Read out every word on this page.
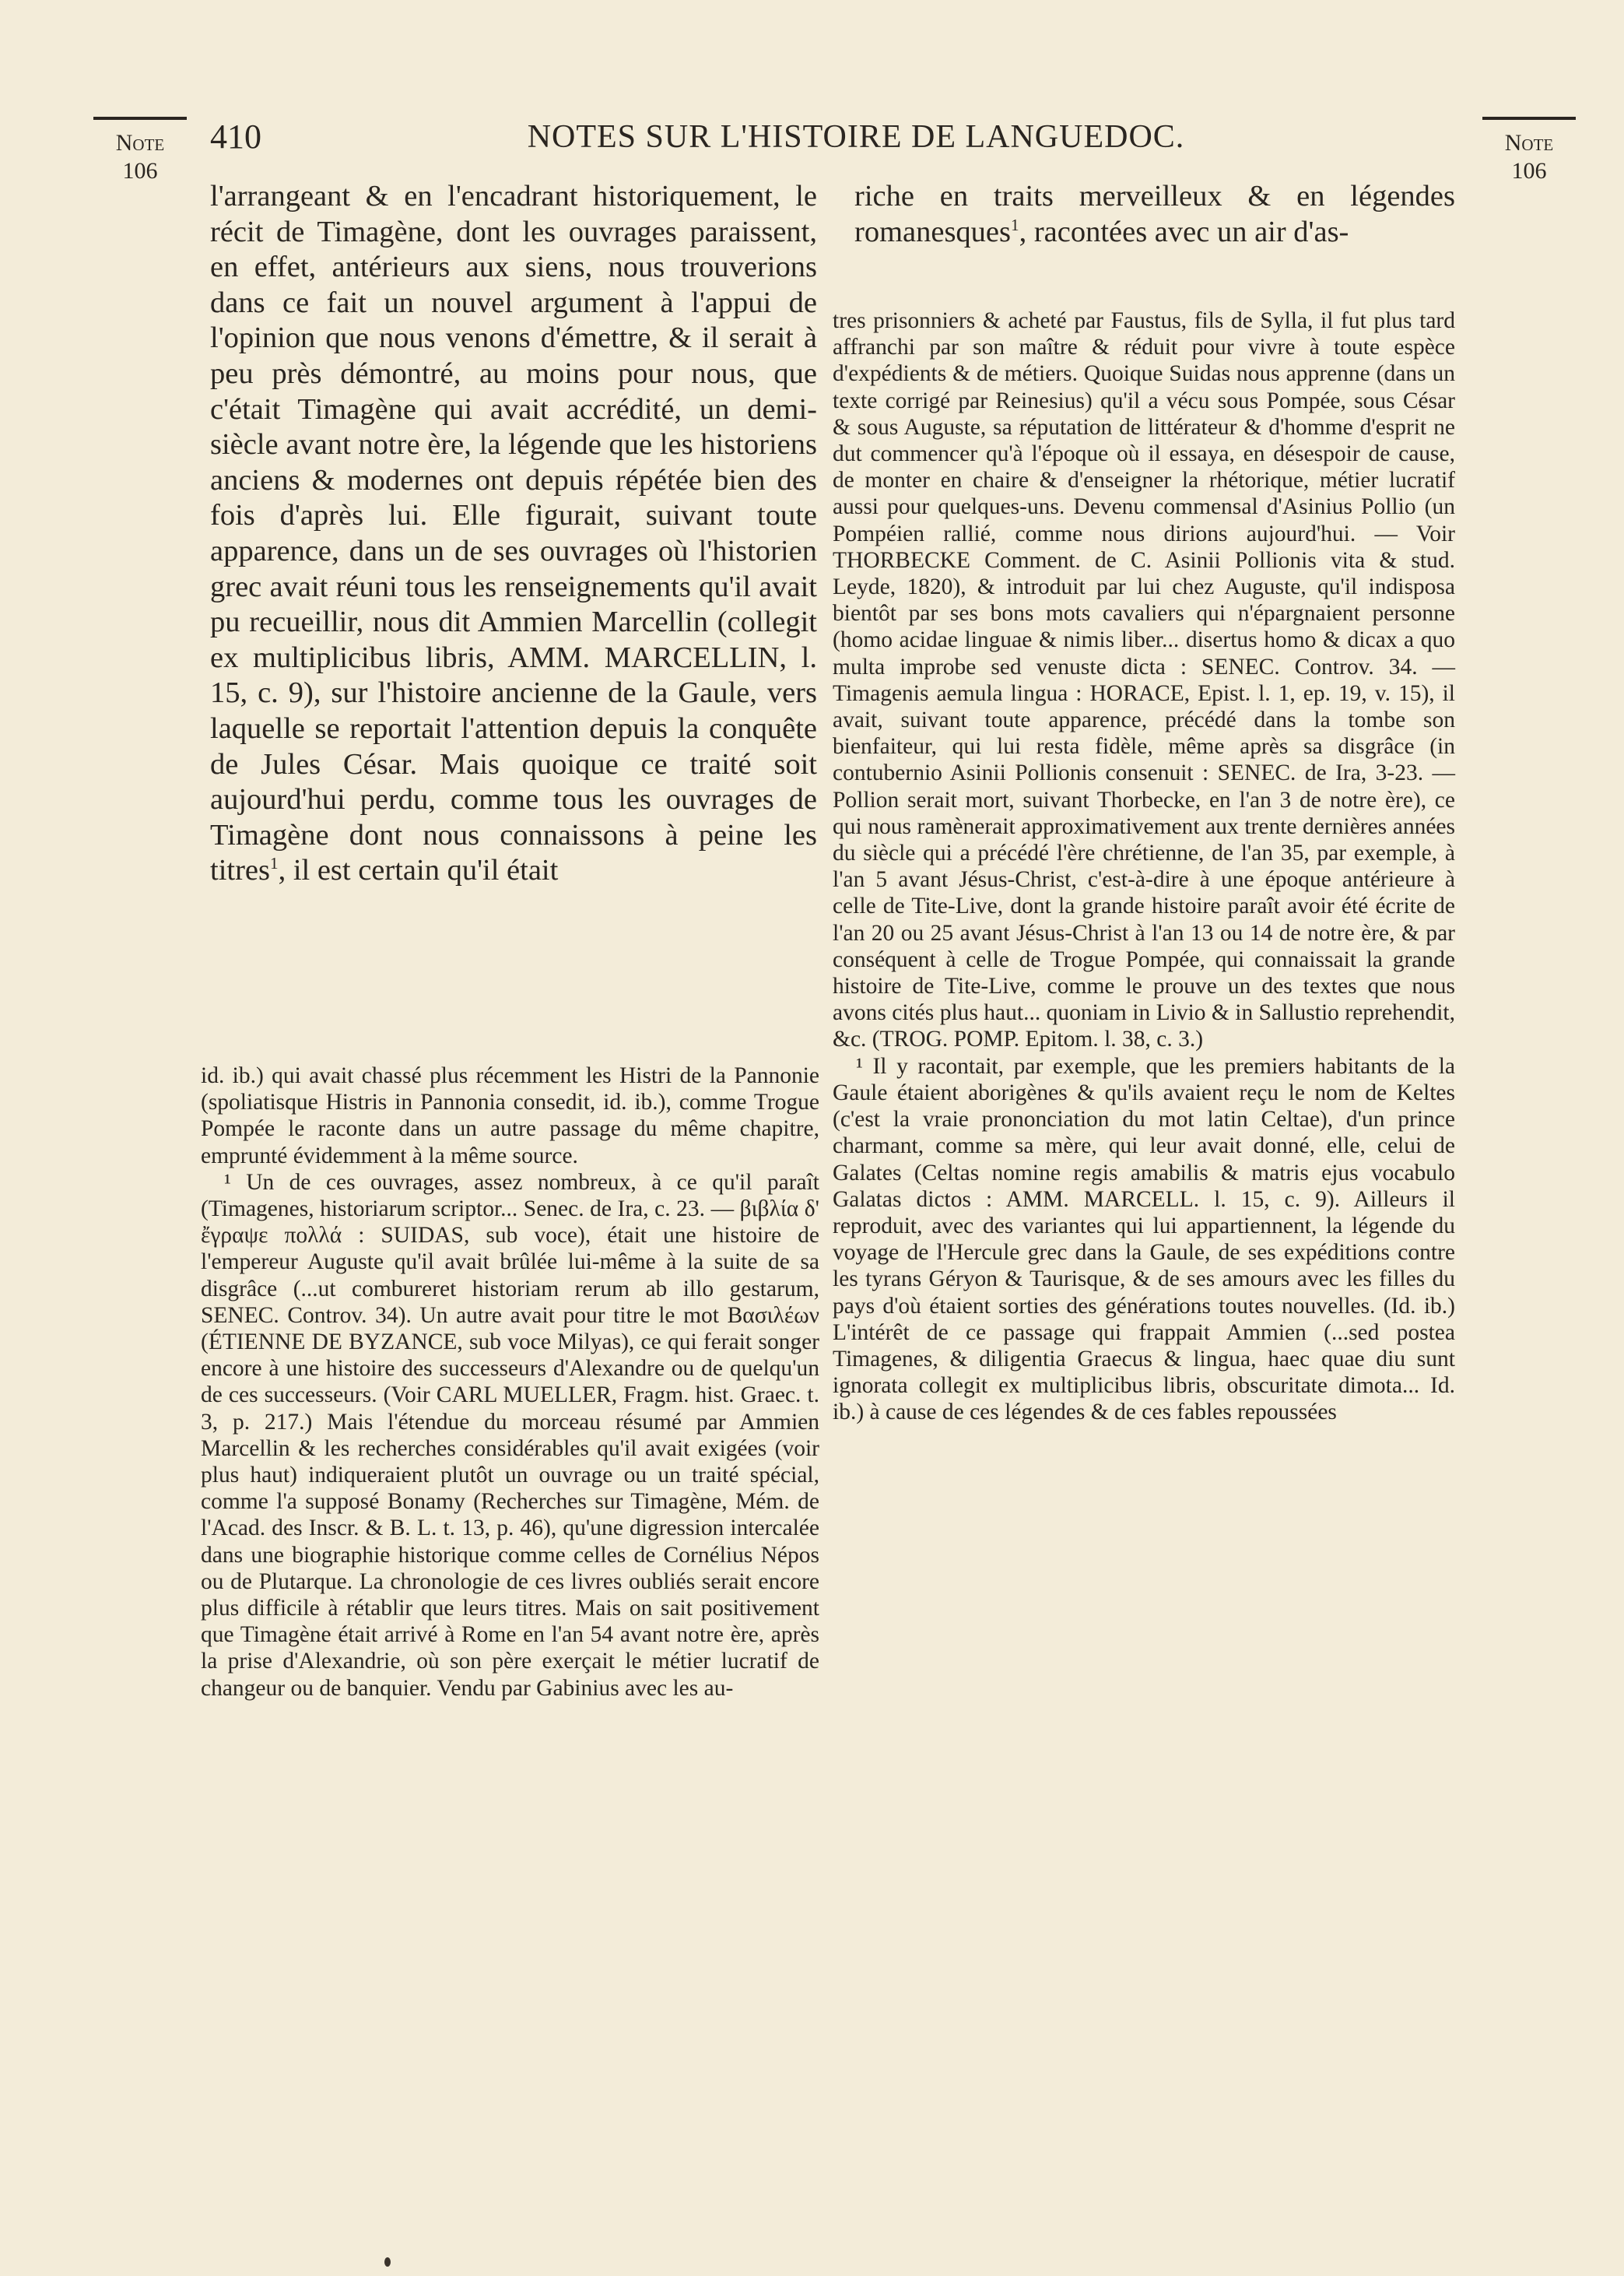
Note
106
410	NOTES SUR L'HISTOIRE DE LANGUEDOC.	Note
106

l'arrangeant & en l'encadrant historiquement, le récit de Timagène, dont les ouvrages paraissent, en effet, antérieurs aux siens, nous trouverions dans ce fait un nouvel argument à l'appui de l'opinion que nous venons d'émettre, & il serait à peu près démontré, au moins pour nous, que c'était Timagène qui avait accrédité, un demi-siècle avant notre ère, la légende que les historiens anciens & modernes ont depuis répétée bien des fois d'après lui. Elle figurait, suivant toute apparence, dans un de ses ouvrages où l'historien grec avait réuni tous les renseignements qu'il avait pu recueillir, nous dit Ammien Marcellin (collegit ex multiplicibus libris, AMM. MARCELLIN, l. 15, c. 9), sur l'histoire ancienne de la Gaule, vers laquelle se reportait l'attention depuis la conquête de Jules César. Mais quoique ce traité soit aujourd'hui perdu, comme tous les ouvrages de Timagène dont nous connaissons à peine les titres$^1$, il est certain qu'il était

riche en traits merveilleux & en légendes romanesques$^1$, racontées avec un air d'as-

id. ib.) qui avait chassé plus récemment les Histri de la Pannonie (spoliatisque Histris in Pannonia consedit, id. ib.), comme Trogue Pompée le raconte dans un autre passage du même chapitre, emprunté évidemment à la même source.

¹ Un de ces ouvrages, assez nombreux, à ce qu'il paraît (Timagenes, historiarum scriptor... Senec. de Ira, c. 23. — βιβλία δ' ἔγραψε πολλά : SUIDAS, sub voce), était une histoire de l'empereur Auguste qu'il avait brûlée lui-même à la suite de sa disgrâce (...ut combureret historiam rerum ab illo gestarum, SENEC. Controv. 34). Un autre avait pour titre le mot Βασιλέων (ÉTIENNE DE BYZANCE, sub voce Milyas), ce qui ferait songer encore à une histoire des successeurs d'Alexandre ou de quelqu'un de ces successeurs. (Voir CARL MUELLER, Fragm. hist. Graec. t. 3, p. 217.) Mais l'étendue du morceau résumé par Ammien Marcellin & les recherches considérables qu'il avait exigées (voir plus haut) indiqueraient plutôt un ouvrage ou un traité spécial, comme l'a supposé Bonamy (Recherches sur Timagène, Mém. de l'Acad. des Inscr. & B. L. t. 13, p. 46), qu'une digression intercalée dans une biographie historique comme celles de Cornélius Népos ou de Plutarque. La chronologie de ces livres oubliés serait encore plus difficile à rétablir que leurs titres. Mais on sait positivement que Timagène était arrivé à Rome en l'an 54 avant notre ère, après la prise d'Alexandrie, où son père exerçait le métier lucratif de changeur ou de banquier. Vendu par Gabinius avec les au-

tres prisonniers & acheté par Faustus, fils de Sylla, il fut plus tard affranchi par son maître & réduit pour vivre à toute espèce d'expédients & de métiers. Quoique Suidas nous apprenne (dans un texte corrigé par Reinesius) qu'il a vécu sous Pompée, sous César & sous Auguste, sa réputation de littérateur & d'homme d'esprit ne dut commencer qu'à l'époque où il essaya, en désespoir de cause, de monter en chaire & d'enseigner la rhétorique, métier lucratif aussi pour quelques-uns. Devenu commensal d'Asinius Pollio (un Pompéien rallié, comme nous dirions aujourd'hui. — Voir THORBECKE Comment. de C. Asinii Pollionis vita & stud. Leyde, 1820), & introduit par lui chez Auguste, qu'il indisposa bientôt par ses bons mots cavaliers qui n'épargnaient personne (homo acidae linguae & nimis liber... disertus homo & dicax a quo multa improbe sed venuste dicta : SENEC. Controv. 34. — Timagenis aemula lingua : HORACE, Epist. l. 1, ep. 19, v. 15), il avait, suivant toute apparence, précédé dans la tombe son bienfaiteur, qui lui resta fidèle, même après sa disgrâce (in contubernio Asinii Pollionis consenuit : SENEC. de Ira, 3-23. — Pollion serait mort, suivant Thorbecke, en l'an 3 de notre ère), ce qui nous ramènerait approximativement aux trente dernières années du siècle qui a précédé l'ère chrétienne, de l'an 35, par exemple, à l'an 5 avant Jésus-Christ, c'est-à-dire à une époque antérieure à celle de Tite-Live, dont la grande histoire paraît avoir été écrite de l'an 20 ou 25 avant Jésus-Christ à l'an 13 ou 14 de notre ère, & par conséquent à celle de Trogue Pompée, qui connaissait la grande histoire de Tite-Live, comme le prouve un des textes que nous avons cités plus haut... quoniam in Livio & in Sallustio reprehendit, &c. (TROG. POMP. Epitom. l. 38, c. 3.)

¹ Il y racontait, par exemple, que les premiers habitants de la Gaule étaient aborigènes & qu'ils avaient reçu le nom de Keltes (c'est la vraie prononciation du mot latin Celtae), d'un prince charmant, comme sa mère, qui leur avait donné, elle, celui de Galates (Celtas nomine regis amabilis & matris ejus vocabulo Galatas dictos : AMM. MARCELL. l. 15, c. 9). Ailleurs il reproduit, avec des variantes qui lui appartiennent, la légende du voyage de l'Hercule grec dans la Gaule, de ses expéditions contre les tyrans Géryon & Taurisque, & de ses amours avec les filles du pays d'où étaient sorties des générations toutes nouvelles. (Id. ib.) L'intérêt de ce passage qui frappait Ammien (...sed postea Timagenes, & diligentia Graecus & lingua, haec quae diu sunt ignorata collegit ex multiplicibus libris, obscuritate dimota... Id. ib.) à cause de ces légendes & de ces fables repoussées
